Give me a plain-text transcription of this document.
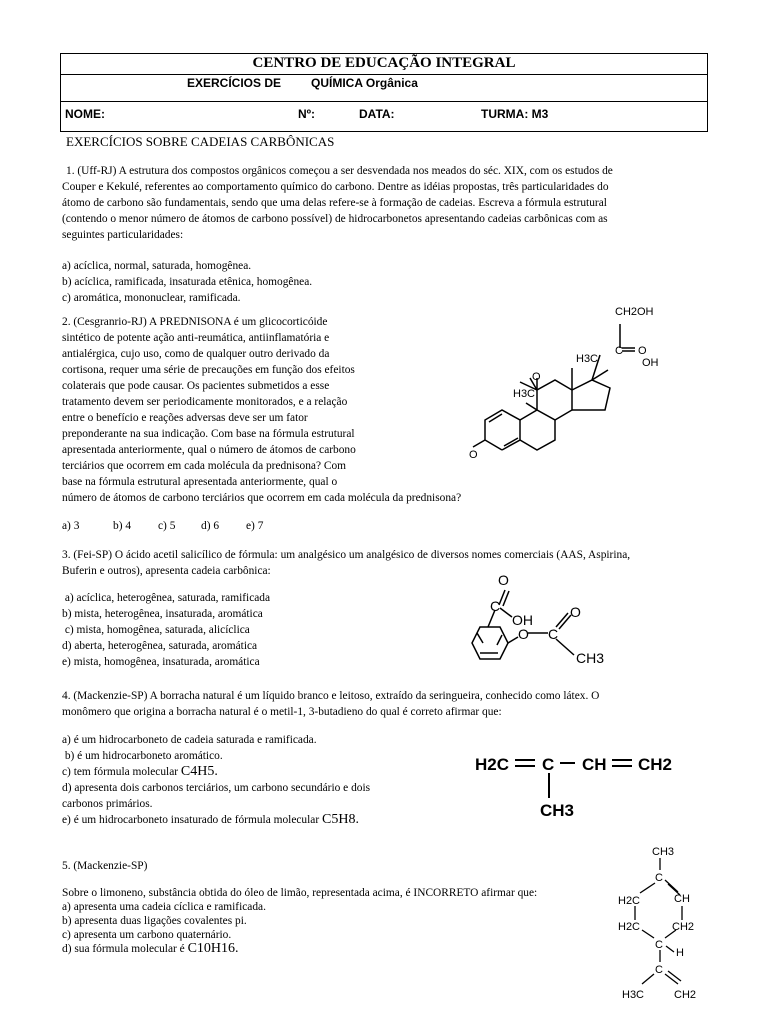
CENTRO DE EDUCAÇÃO INTEGRAL
EXERCÍCIOS DE QUÍMICA Orgânica
NOME:	Nº:	DATA:	TURMA: M3
EXERCÍCIOS SOBRE CADEIAS CARBÔNICAS
1. (Uff-RJ) A estrutura dos compostos orgânicos começou a ser desvendada nos meados do séc. XIX, com os estudos de
Couper e Kekulé, referentes ao comportamento químico do carbono. Dentre as idéias propostas, três particularidades do
átomo de carbono são fundamentais, sendo que uma delas refere-se à formação de cadeias. Escreva a fórmula estrutural
(contendo o menor número de átomos de carbono possível) de hidrocarbonetos apresentando cadeias carbônicas com as
seguintes particularidades:
a) acíclica, normal, saturada, homogênea.
b) acíclica, ramificada, insaturada etênica, homogênea.
c) aromática, mononuclear, ramificada.
2. (Cesgranrio-RJ) A PREDNISONA é um glicocorticóide
sintético de potente ação anti-reumática, antiinflamatória e
antialérgica, cujo uso, como de qualquer outro derivado da
cortisona, requer uma série de precauções em função dos efeitos
colaterais que pode causar. Os pacientes submetidos a esse
tratamento devem ser periodicamente monitorados, e a relação
entre o benefício e reações adversas deve ser um fator
preponderante na sua indicação. Com base na fórmula estrutural
apresentada anteriormente, qual o número de átomos de carbono
terciários que ocorrem em cada molécula da prednisona? Com
base na fórmula estrutural apresentada anteriormente, qual o
número de átomos de carbono terciários que ocorrem em cada molécula da prednisona?
a) 3	b) 4 c) 5 d) 6 e) 7
CH2OH
C O
OH
H3C
H3C
O
O
3. (Fei-SP) O ácido acetil salicílico de fórmula: um analgésico um analgésico de diversos nomes comerciais (AAS, Aspirina,
Buferin e outros), apresenta cadeia carbônica:
a) acíclica, heterogênea, saturada, ramificada
b) mista, heterogênea, insaturada, aromática
c) mista, homogênea, saturada, alicíclica
d) aberta, heterogênea, saturada, aromática
e) mista, homogênea, insaturada, aromática
O
C
OH
O
O
C
CH3
4. (Mackenzie-SP) A borracha natural é um líquido branco e leitoso, extraído da seringueira, conhecido como látex. O
monômero que origina a borracha natural é o metil-1, 3-butadieno do qual é correto afirmar que:
a) é um hidrocarboneto de cadeia saturada e ramificada.
b) é um hidrocarboneto aromático.
c) tem fórmula molecular C4H5.
d) apresenta dois carbonos terciários, um carbono secundário e dois
carbonos primários.
e) é um hidrocarboneto insaturado de fórmula molecular C5H8.
H2C C CH CH2
CH3
5. (Mackenzie-SP)
Sobre o limoneno, substância obtida do óleo de limão, representada acima, é INCORRETO afirmar que:
a) apresenta uma cadeia cíclica e ramificada.
b) apresenta duas ligações covalentes pi.
c) apresenta um carbono quaternário.
d) sua fórmula molecular é C10H16.
CH3
C
H2C	CH
H2C	CH2
C
H
C
H3C	CH2
